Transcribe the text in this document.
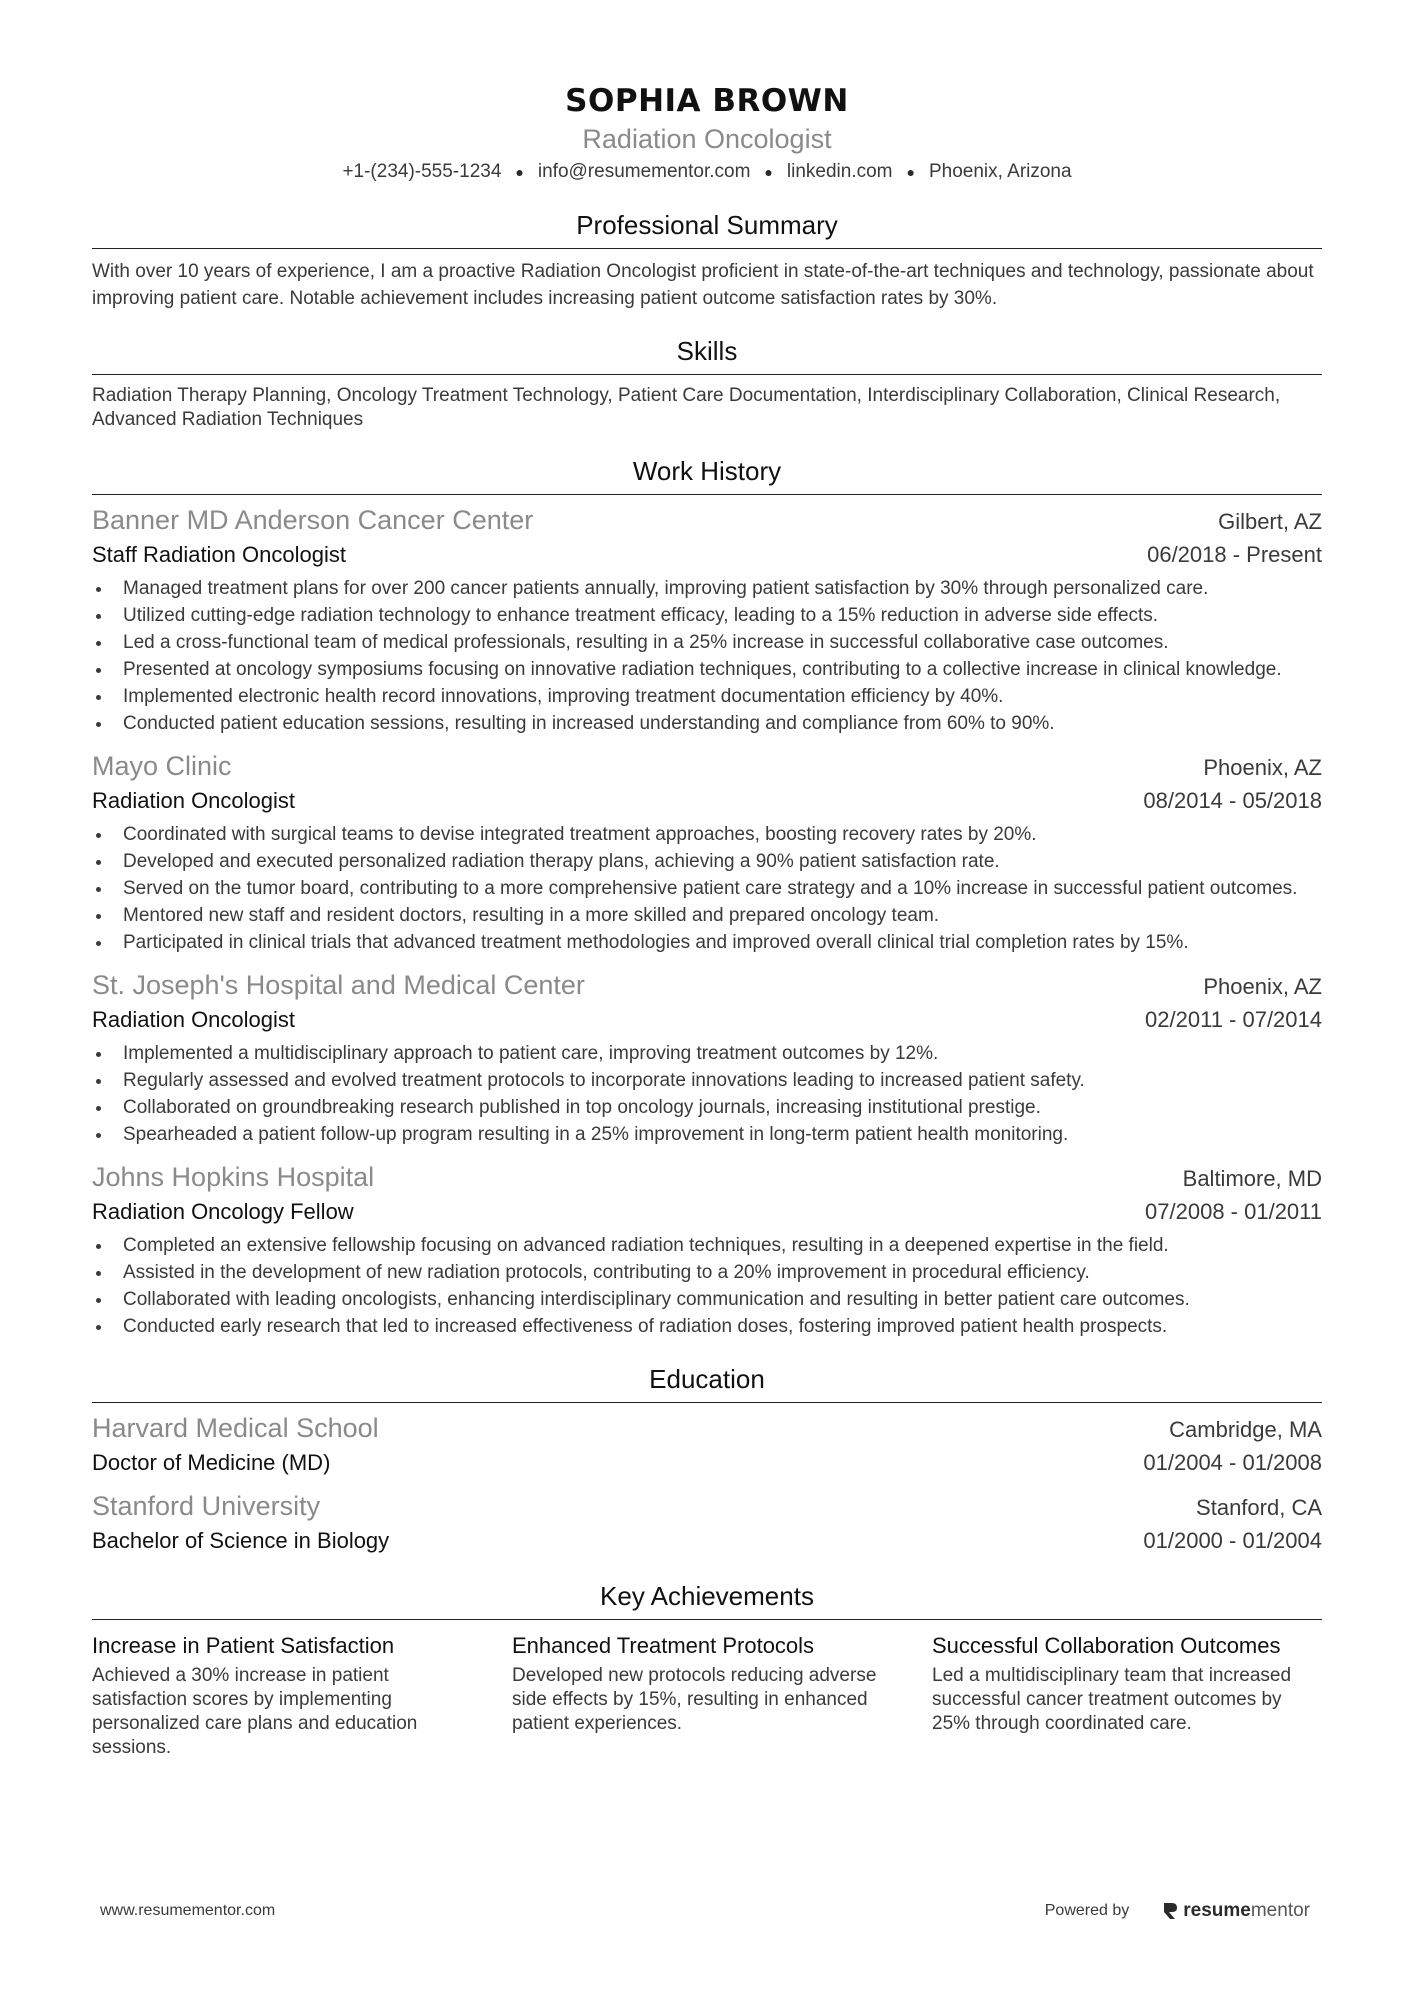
SOPHIA BROWN
Radiation Oncologist
+1-(234)-555-1234 ● info@resumementor.com ● linkedin.com ● Phoenix, Arizona
Professional Summary
With over 10 years of experience, I am a proactive Radiation Oncologist proficient in state-of-the-art techniques and technology, passionate about improving patient care. Notable achievement includes increasing patient outcome satisfaction rates by 30%.
Skills
Radiation Therapy Planning, Oncology Treatment Technology, Patient Care Documentation, Interdisciplinary Collaboration, Clinical Research, Advanced Radiation Techniques
Work History
Banner MD Anderson Cancer Center	Gilbert, AZ
Staff Radiation Oncologist	06/2018 - Present
Managed treatment plans for over 200 cancer patients annually, improving patient satisfaction by 30% through personalized care.
Utilized cutting-edge radiation technology to enhance treatment efficacy, leading to a 15% reduction in adverse side effects.
Led a cross-functional team of medical professionals, resulting in a 25% increase in successful collaborative case outcomes.
Presented at oncology symposiums focusing on innovative radiation techniques, contributing to a collective increase in clinical knowledge.
Implemented electronic health record innovations, improving treatment documentation efficiency by 40%.
Conducted patient education sessions, resulting in increased understanding and compliance from 60% to 90%.
Mayo Clinic	Phoenix, AZ
Radiation Oncologist	08/2014 - 05/2018
Coordinated with surgical teams to devise integrated treatment approaches, boosting recovery rates by 20%.
Developed and executed personalized radiation therapy plans, achieving a 90% patient satisfaction rate.
Served on the tumor board, contributing to a more comprehensive patient care strategy and a 10% increase in successful patient outcomes.
Mentored new staff and resident doctors, resulting in a more skilled and prepared oncology team.
Participated in clinical trials that advanced treatment methodologies and improved overall clinical trial completion rates by 15%.
St. Joseph's Hospital and Medical Center	Phoenix, AZ
Radiation Oncologist	02/2011 - 07/2014
Implemented a multidisciplinary approach to patient care, improving treatment outcomes by 12%.
Regularly assessed and evolved treatment protocols to incorporate innovations leading to increased patient safety.
Collaborated on groundbreaking research published in top oncology journals, increasing institutional prestige.
Spearheaded a patient follow-up program resulting in a 25% improvement in long-term patient health monitoring.
Johns Hopkins Hospital	Baltimore, MD
Radiation Oncology Fellow	07/2008 - 01/2011
Completed an extensive fellowship focusing on advanced radiation techniques, resulting in a deepened expertise in the field.
Assisted in the development of new radiation protocols, contributing to a 20% improvement in procedural efficiency.
Collaborated with leading oncologists, enhancing interdisciplinary communication and resulting in better patient care outcomes.
Conducted early research that led to increased effectiveness of radiation doses, fostering improved patient health prospects.
Education
Harvard Medical School	Cambridge, MA
Doctor of Medicine (MD)	01/2004 - 01/2008
Stanford University	Stanford, CA
Bachelor of Science in Biology	01/2000 - 01/2004
Key Achievements
Increase in Patient Satisfaction
Achieved a 30% increase in patient satisfaction scores by implementing personalized care plans and education sessions.
Enhanced Treatment Protocols
Developed new protocols reducing adverse side effects by 15%, resulting in enhanced patient experiences.
Successful Collaboration Outcomes
Led a multidisciplinary team that increased successful cancer treatment outcomes by 25% through coordinated care.
www.resumementor.com	Powered by	resume mentor
